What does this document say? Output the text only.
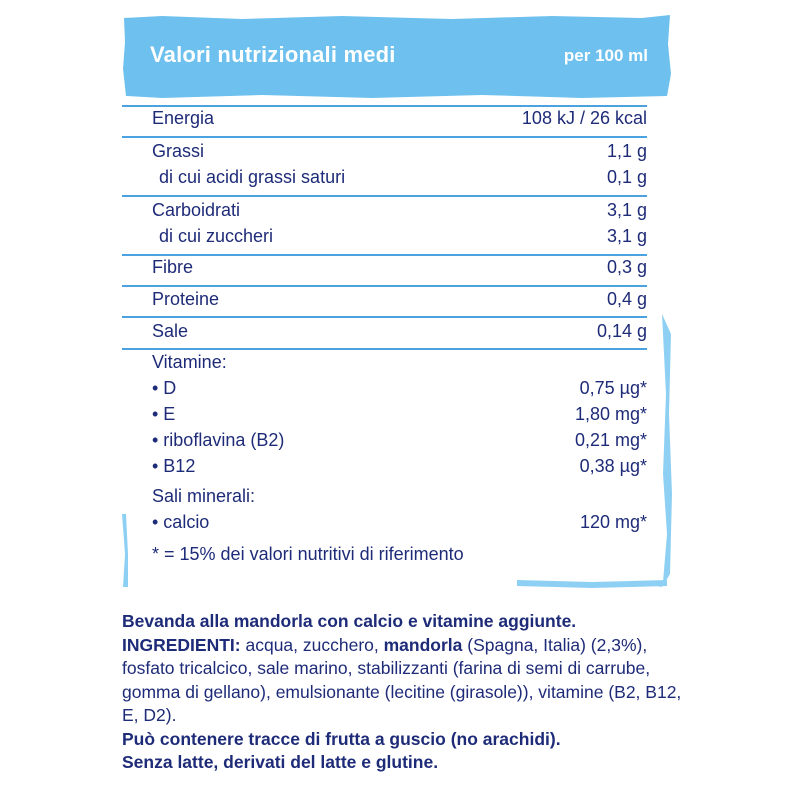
Valori nutrizionali medi	per 100 ml
Energia	108 kJ / 26 kcal
Grassi	1,1 g
di cui acidi grassi saturi	0,1 g
Carboidrati	3,1 g
di cui zuccheri	3,1 g
Fibre	0,3 g
Proteine	0,4 g
Sale	0,14 g
Vitamine:
• D	0,75 µg*
• E	1,80 mg*
• riboflavina (B2)	0,21 mg*
• B12	0,38 µg*
Sali minerali:
• calcio	120 mg*
* = 15% dei valori nutritivi di riferimento

Bevanda alla mandorla con calcio e vitamine aggiunte.

INGREDIENTI: acqua, zucchero, mandorla (Spagna, Italia) (2,3%), fosfato tricalcico, sale marino, stabilizzanti (farina di semi di carrube, gomma di gellano), emulsionante (lecitine (girasole)), vitamine (B2, B12, E, D2).

Può contenere tracce di frutta a guscio (no arachidi).

Senza latte, derivati del latte e glutine.
